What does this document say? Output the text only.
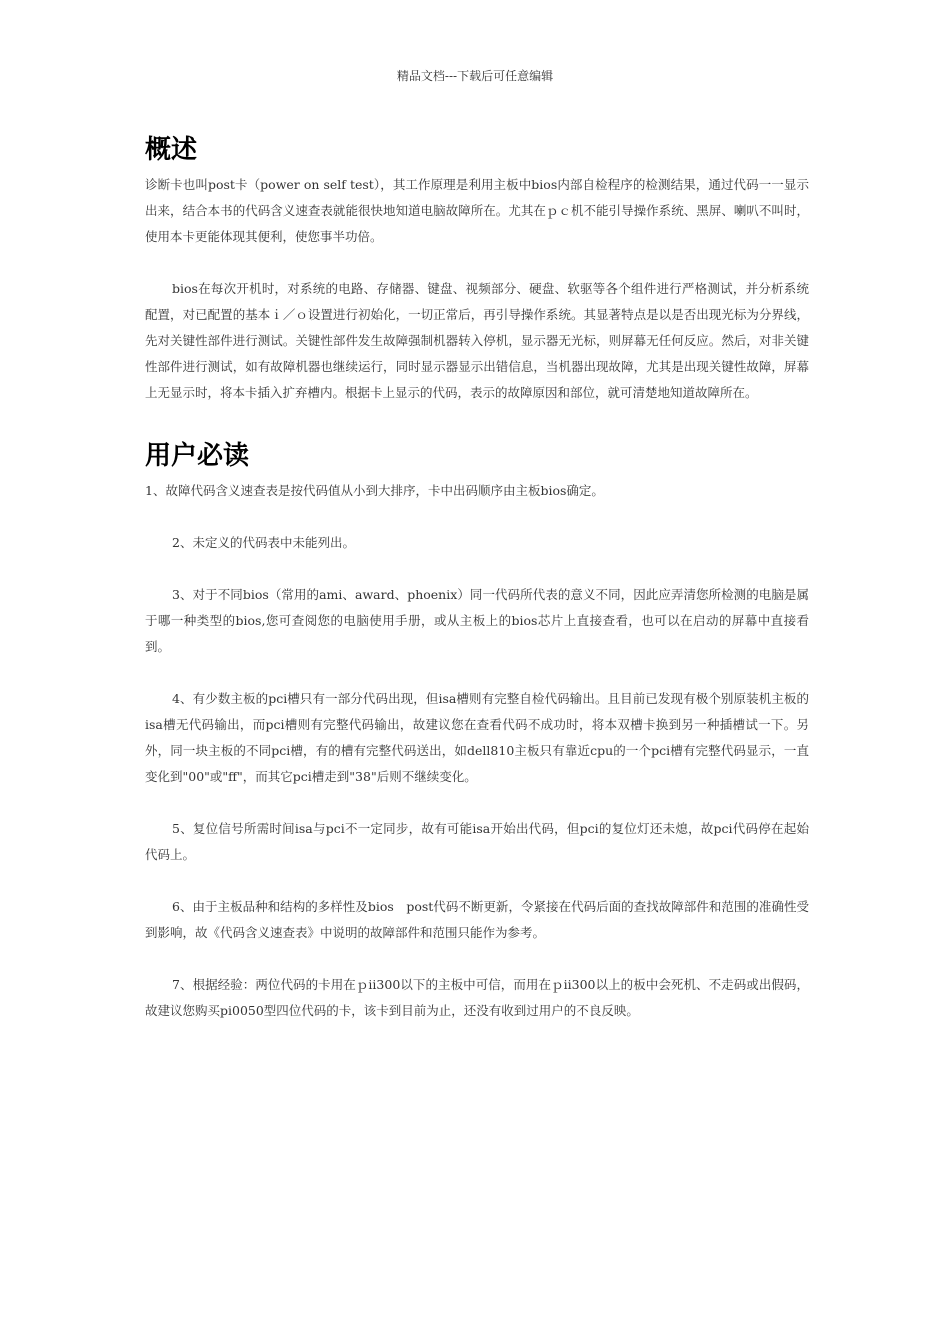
精品文档---下载后可任意编辑
概述

诊断卡也叫post卡（power on self test），其工作原理是利用主板中bios内部自检程序的检测结果，通过代码一一显示出来，结合本书的代码含义速查表就能很快地知道电脑故障所在。尤其在ｐｃ机不能引导操作系统、黑屏、喇叭不叫时，使用本卡更能体现其便利，使您事半功倍。

bios在每次开机时，对系统的电路、存储器、键盘、视频部分、硬盘、软驱等各个组件进行严格测试，并分析系统配置，对已配置的基本ｉ／ｏ设置进行初始化，一切正常后，再引导操作系统。其显著特点是以是否出现光标为分界线，先对关键性部件进行测试。关键性部件发生故障强制机器转入停机，显示器无光标，则屏幕无任何反应。然后，对非关键性部件进行测试，如有故障机器也继续运行，同时显示器显示出错信息，当机器出现故障，尤其是出现关键性故障，屏幕上无显示时，将本卡插入扩弃槽内。根据卡上显示的代码，表示的故障原因和部位，就可清楚地知道故障所在。

用户必读

1、故障代码含义速查表是按代码值从小到大排序，卡中出码顺序由主板bios确定。

2、未定义的代码表中未能列出。

3、对于不同bios（常用的ami、award、phoenix）同一代码所代表的意义不同，因此应弄清您所检测的电脑是属于哪一种类型的bios,您可查阅您的电脑使用手册，或从主板上的bios芯片上直接查看，也可以在启动的屏幕中直接看到。

4、有少数主板的pci槽只有一部分代码出现，但isa槽则有完整自检代码输出。且目前已发现有极个别原装机主板的isa槽无代码输出，而pci槽则有完整代码输出，故建议您在查看代码不成功时，将本双槽卡换到另一种插槽试一下。另外，同一块主板的不同pci槽，有的槽有完整代码送出，如dell810主板只有靠近cpu的一个pci槽有完整代码显示，一直变化到"00"或"ff"，而其它pci槽走到"38"后则不继续变化。

5、复位信号所需时间isa与pci不一定同步，故有可能isa开始出代码，但pci的复位灯还未熄，故pci代码停在起始代码上。

6、由于主板品种和结构的多样性及bios　post代码不断更新，令紧接在代码后面的查找故障部件和范围的准确性受到影响，故《代码含义速查表》中说明的故障部件和范围只能作为参考。

7、根据经验：两位代码的卡用在ｐⅱ300以下的主板中可信，而用在ｐⅱ300以上的板中会死机、不走码或出假码，故建议您购买pi0050型四位代码的卡，该卡到目前为止，还没有收到过用户的不良反映。
